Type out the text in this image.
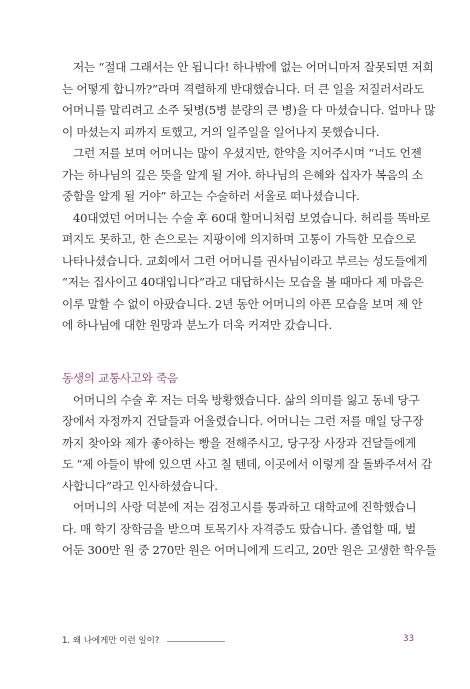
저는 “절대 그래서는 안 됩니다! 하나밖에 없는 어머니마저 잘못되면 저희
는 어떻게 합니까?”라며 격렬하게 반대했습니다. 더 큰 일을 저질러서라도
어머니를 말리려고 소주 됫병(5병 분량의 큰 병)을 다 마셨습니다. 얼마나 많
이 마셨는지 피까지 토했고, 거의 일주일을 일어나지 못했습니다.
그런 저를 보며 어머니는 많이 우셨지만, 한약을 지어주시며 “너도 언젠
가는 하나님의 깊은 뜻을 알게 될 거야. 하나님의 은혜와 십자가 복음의 소
중함을 알게 될 거야” 하고는 수술하러 서울로 떠나셨습니다.
40대였던 어머니는 수술 후 60대 할머니처럼 보였습니다. 허리를 똑바로
펴지도 못하고, 한 손으로는 지팡이에 의지하며 고통이 가득한 모습으로
나타나셨습니다. 교회에서 그런 어머니를 권사님이라고 부르는 성도들에게
“저는 집사이고 40대입니다”라고 대답하시는 모습을 볼 때마다 제 마음은
이루 말할 수 없이 아팠습니다. 2년 동안 어머니의 아픈 모습을 보며 제 안
에 하나님에 대한 원망과 분노가 더욱 커져만 갔습니다.
동생의 교통사고와 죽음
어머니의 수술 후 저는 더욱 방황했습니다. 삶의 의미를 잃고 동네 당구
장에서 자정까지 건달들과 어울렸습니다. 어머니는 그런 저를 매일 당구장
까지 찾아와 제가 좋아하는 빵을 전해주시고, 당구장 사장과 건달들에게
도 “제 아들이 밖에 있으면 사고 칠 텐데, 이곳에서 이렇게 잘 돌봐주셔서 감
사합니다”라고 인사하셨습니다.
어머니의 사랑 덕분에 저는 검정고시를 통과하고 대학교에 진학했습니
다. 매 학기 장학금을 받으며 토목기사 자격증도 땄습니다. 졸업할 때, 벌
어둔 300만 원 중 270만 원은 어머니에게 드리고, 20만 원은 고생한 학우들
1. 왜 나에게만 이런 일이?	33
